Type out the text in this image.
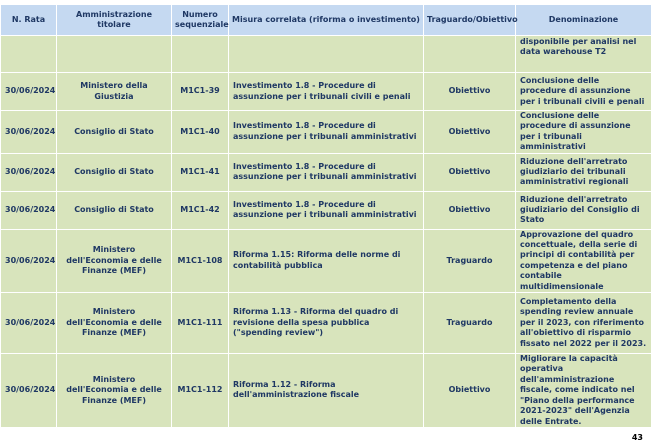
N. Rata	Amministrazione titolare	Numero sequenziale	Misura correlata (riforma o investimento)	Traguardo/Obiettivo	Denominazione
					disponibile per analisi nel data warehouse T2
30/06/2024	Ministero della Giustizia	M1C1-39	Investimento 1.8 - Procedure di assunzione per i tribunali civili e penali	Obiettivo	Conclusione delle procedure di assunzione per i tribunali civili e penali
30/06/2024	Consiglio di Stato	M1C1-40	Investimento 1.8 - Procedure di assunzione per i tribunali amministrativi	Obiettivo	Conclusione delle procedure di assunzione per i tribunali amministrativi
30/06/2024	Consiglio di Stato	M1C1-41	Investimento 1.8 - Procedure di assunzione per i tribunali amministrativi	Obiettivo	Riduzione dell'arretrato giudiziario dei tribunali amministrativi regionali
30/06/2024	Consiglio di Stato	M1C1-42	Investimento 1.8 - Procedure di assunzione per i tribunali amministrativi	Obiettivo	Riduzione dell'arretrato giudiziario del Consiglio di Stato
30/06/2024	Ministero dell'Economia e delle Finanze (MEF)	M1C1-108	Riforma 1.15: Riforma delle norme di contabilità pubblica	Traguardo	Approvazione del quadro concettuale, della serie di principi di contabilità per competenza e del piano contabile multidimensionale
30/06/2024	Ministero dell'Economia e delle Finanze (MEF)	M1C1-111	Riforma 1.13 - Riforma del quadro di revisione della spesa pubblica ("spending review")	Traguardo	Completamento della spending review annuale per il 2023, con riferimento all'obiettivo di risparmio fissato nel 2022 per il 2023.
30/06/2024	Ministero dell'Economia e delle Finanze (MEF)	M1C1-112	Riforma 1.12 - Riforma dell'amministrazione fiscale	Obiettivo	Migliorare la capacità operativa dell'amministrazione fiscale, come indicato nel "Piano della performance 2021-2023" dell'Agenzia delle Entrate.
43
